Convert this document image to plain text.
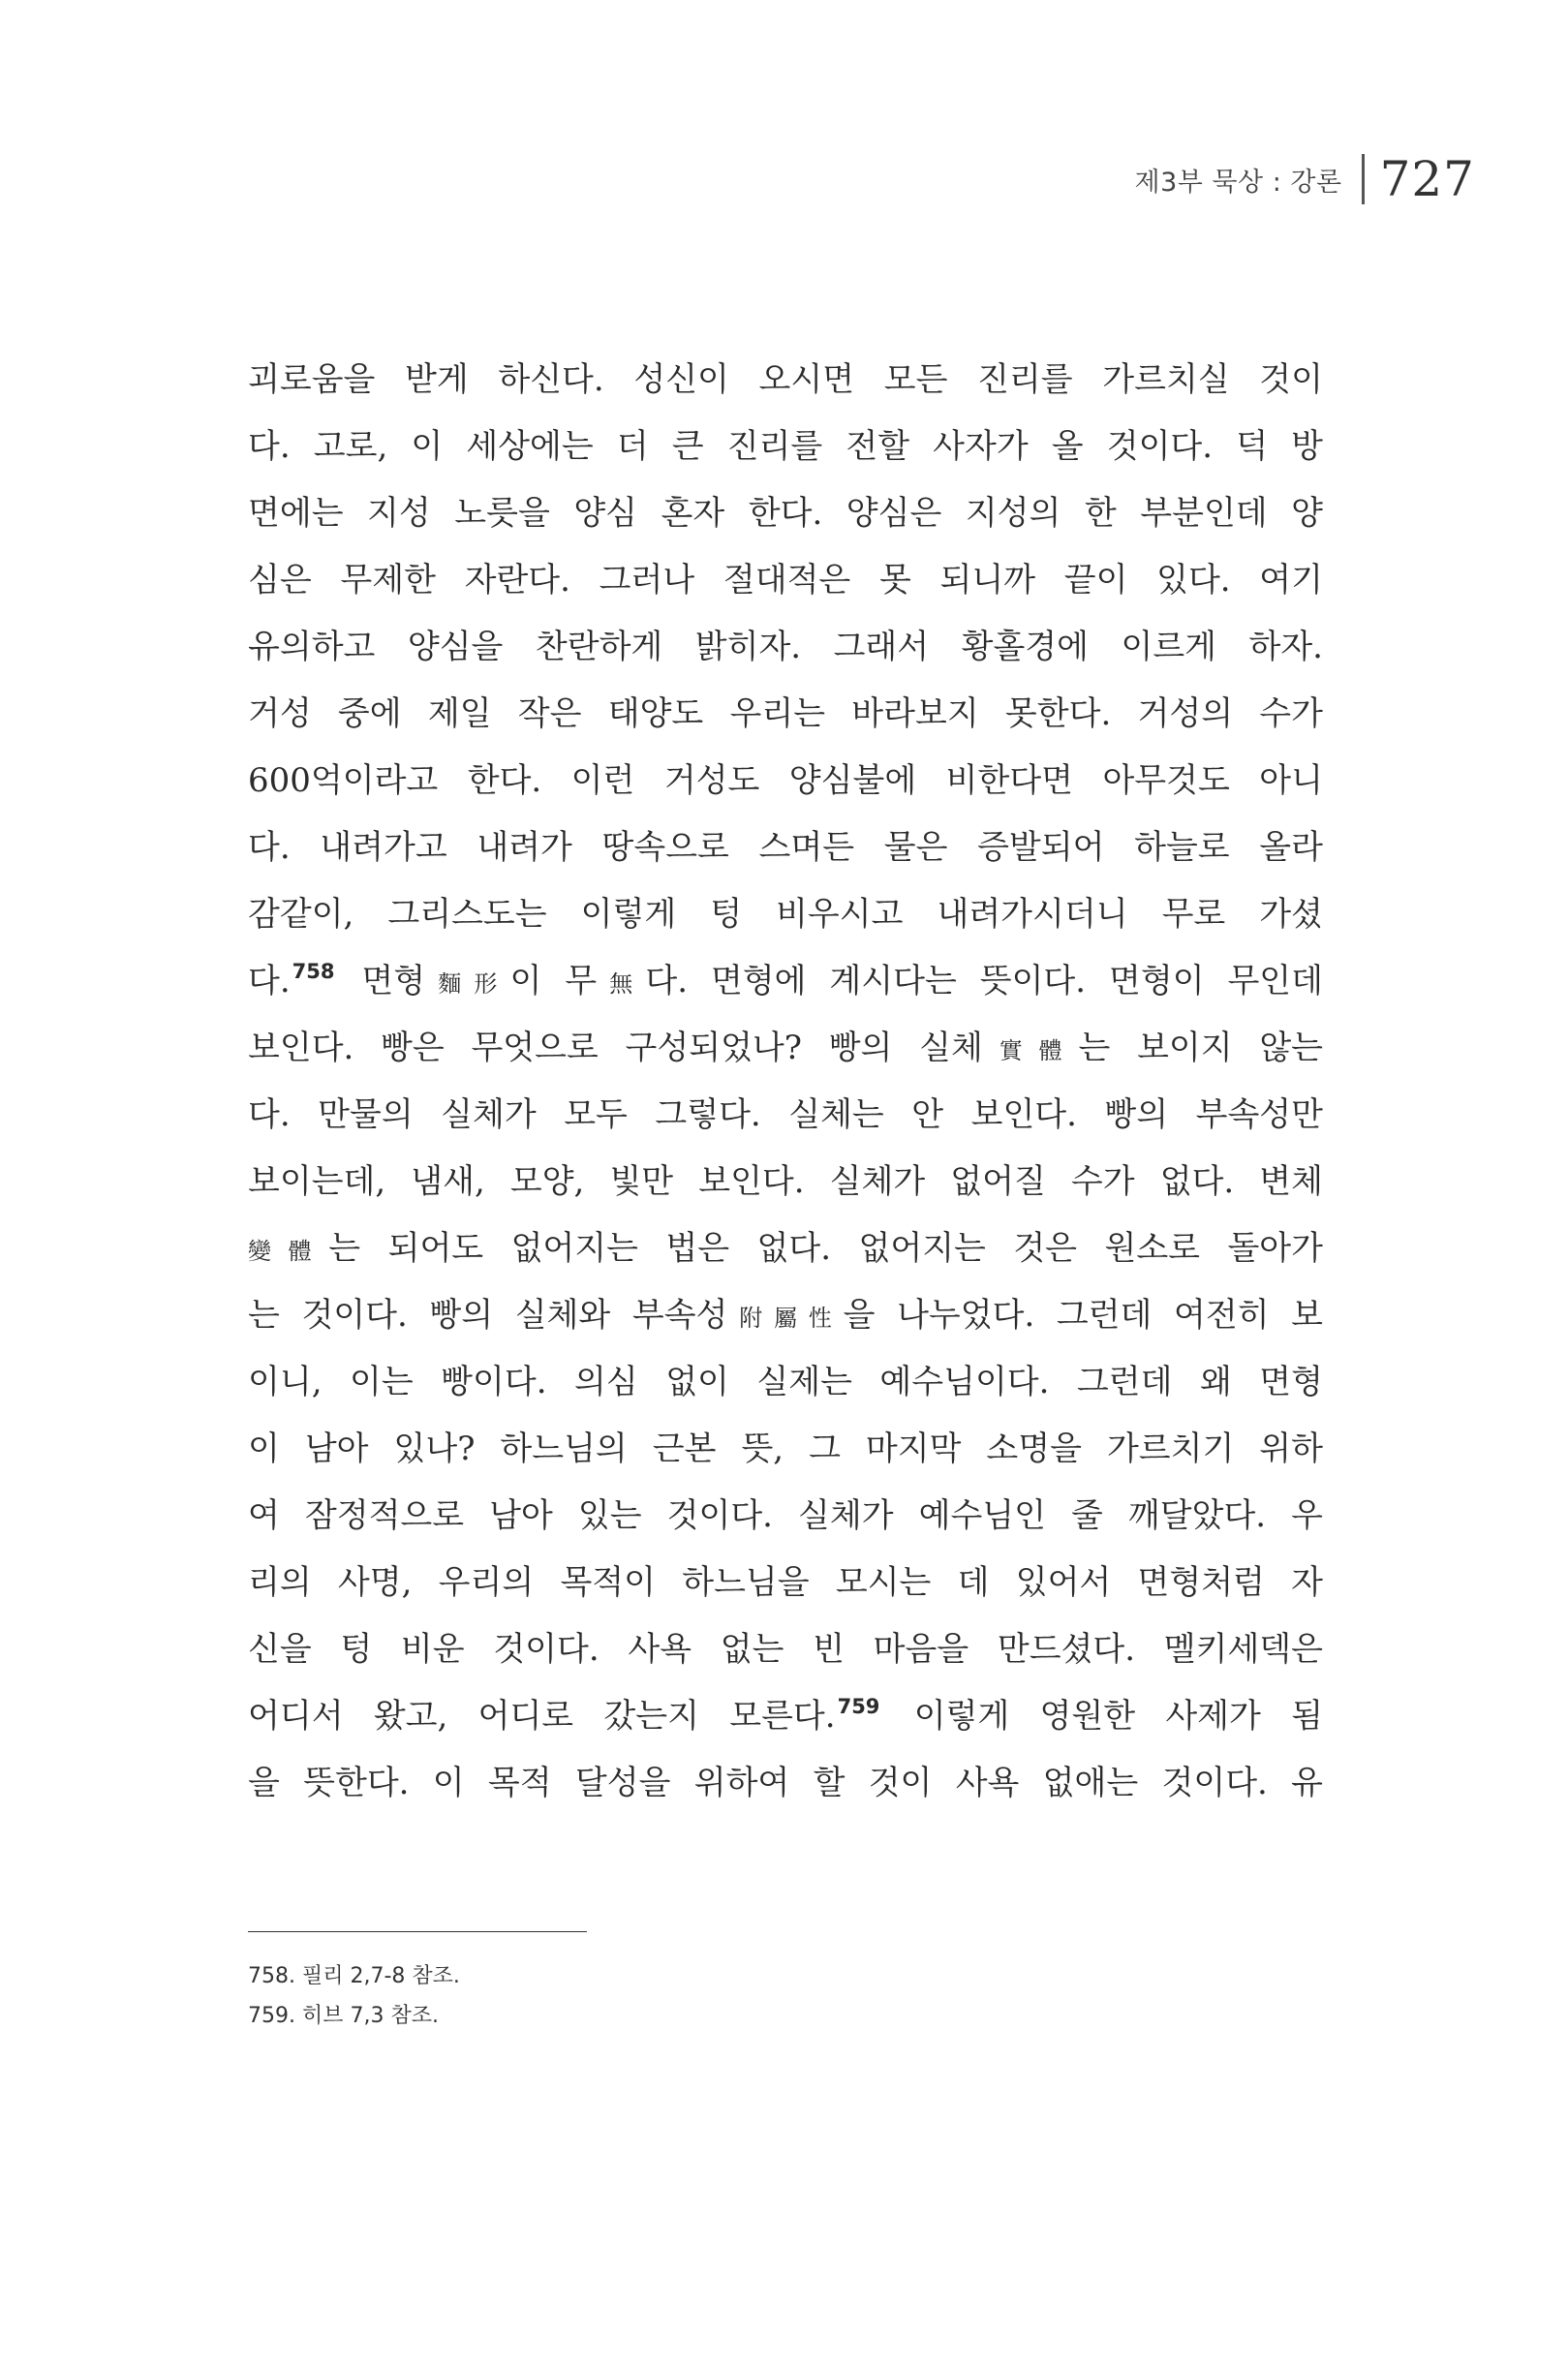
제3부 묵상 : 강론 727
괴로움을 받게 하신다. 성신이 오시면 모든 진리를 가르치실 것이
다. 고로, 이 세상에는 더 큰 진리를 전할 사자가 올 것이다. 덕 방
면에는 지성 노릇을 양심 혼자 한다. 양심은 지성의 한 부분인데 양
심은 무제한 자란다. 그러나 절대적은 못 되니까 끝이 있다. 여기
유의하고 양심을 찬란하게 밝히자. 그래서 황홀경에 이르게 하자.
거성 중에 제일 작은 태양도 우리는 바라보지 못한다. 거성의 수가
600억이라고 한다. 이런 거성도 양심불에 비한다면 아무것도 아니
다. 내려가고 내려가 땅속으로 스며든 물은 증발되어 하늘로 올라
감같이, 그리스도는 이렇게 텅 비우시고 내려가시더니 무로 가셨
다.$^{758}$ 면형麵形이 무無다. 면형에 계시다는 뜻이다. 면형이 무인데
보인다. 빵은 무엇으로 구성되었나? 빵의 실체實體는 보이지 않는
다. 만물의 실체가 모두 그렇다. 실체는 안 보인다. 빵의 부속성만
보이는데, 냄새, 모양, 빛만 보인다. 실체가 없어질 수가 없다. 변체
變體는 되어도 없어지는 법은 없다. 없어지는 것은 원소로 돌아가
는 것이다. 빵의 실체와 부속성附屬性을 나누었다. 그런데 여전히 보
이니, 이는 빵이다. 의심 없이 실제는 예수님이다. 그런데 왜 면형
이 남아 있나? 하느님의 근본 뜻, 그 마지막 소명을 가르치기 위하
여 잠정적으로 남아 있는 것이다. 실체가 예수님인 줄 깨달았다. 우
리의 사명, 우리의 목적이 하느님을 모시는 데 있어서 면형처럼 자
신을 텅 비운 것이다. 사욕 없는 빈 마음을 만드셨다. 멜키세덱은
어디서 왔고, 어디로 갔는지 모른다.$^{759}$ 이렇게 영원한 사제가 됨
을 뜻한다. 이 목적 달성을 위하여 할 것이 사욕 없애는 것이다. 유
758. 필리 2,7-8 참조.
759. 히브 7,3 참조.
